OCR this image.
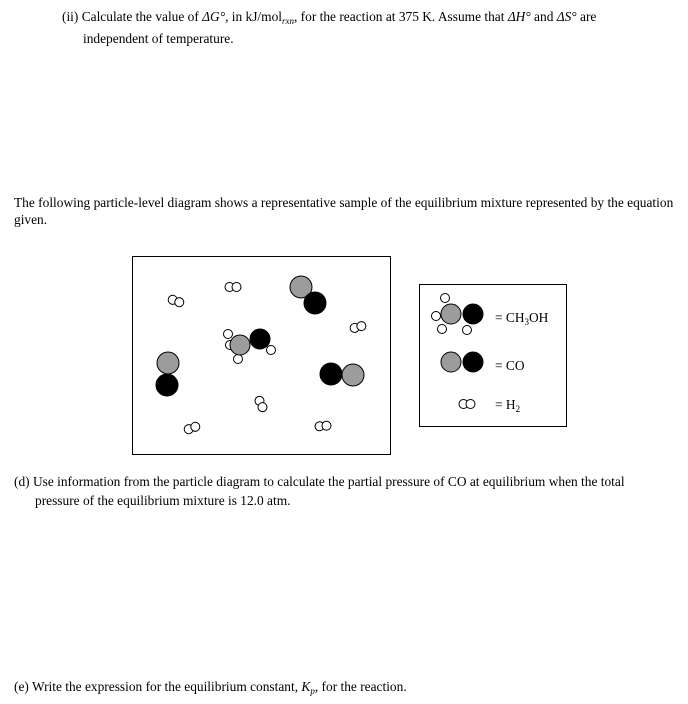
(ii) Calculate the value of ΔG°, in kJ/mol$_{rxn}$, for the reaction at 375 K. Assume that ΔH° and ΔS° are
independent of temperature.
The following particle-level diagram shows a representative sample of the equilibrium mixture represented by the equation given.
= $CH_3OH$
= CO
= $H_2$
(d) Use information from the particle diagram to calculate the partial pressure of CO at equilibrium when the total
pressure of the equilibrium mixture is 12.0 atm.
(e) Write the expression for the equilibrium constant, $K_p$, for the reaction.
